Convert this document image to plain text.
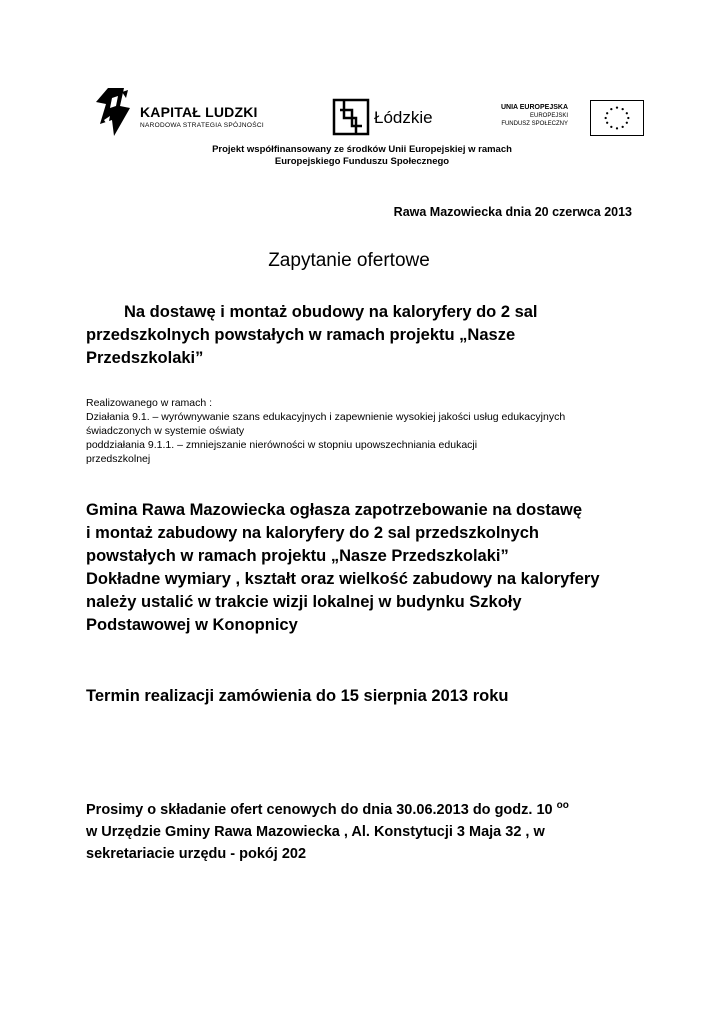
KAPITAŁ LUDZKI
NARODOWA STRATEGIA SPÓJNOŚCI	Łódzkie
UNIA EUROPEJSKA
EUROPEJSKI
FUNDUSZ SPOŁECZNY
Projekt współfinansowany ze środków Unii Europejskiej w ramach
Europejskiego Funduszu Społecznego
Rawa Mazowiecka dnia 20 czerwca 2013
Zapytanie ofertowe
Na dostawę i montaż obudowy na kaloryfery do 2 sal
przedszkolnych powstałych w ramach projektu „Nasze
Przedszkolaki”
Realizowanego w ramach :
Działania 9.1. – wyrównywanie szans edukacyjnych i zapewnienie wysokiej jakości usług edukacyjnych
świadczonych w systemie oświaty
poddziałania 9.1.1. – zmniejszanie nierówności w stopniu upowszechniania edukacji
przedszkolnej
Gmina Rawa Mazowiecka ogłasza zapotrzebowanie na dostawę
i montaż zabudowy na kaloryfery do 2 sal przedszkolnych
powstałych w ramach projektu „Nasze Przedszkolaki”
Dokładne wymiary , kształt oraz wielkość zabudowy na kaloryfery
należy ustalić w trakcie wizji lokalnej w budynku Szkoły
Podstawowej w Konopnicy
Termin realizacji zamówienia do 15 sierpnia 2013 roku
Prosimy o składanie ofert cenowych do dnia 30.06.2013 do godz. 10 $^{oo}$
w Urzędzie Gminy Rawa Mazowiecka , Al. Konstytucji 3 Maja 32 , w
sekretariacie urzędu - pokój 202
